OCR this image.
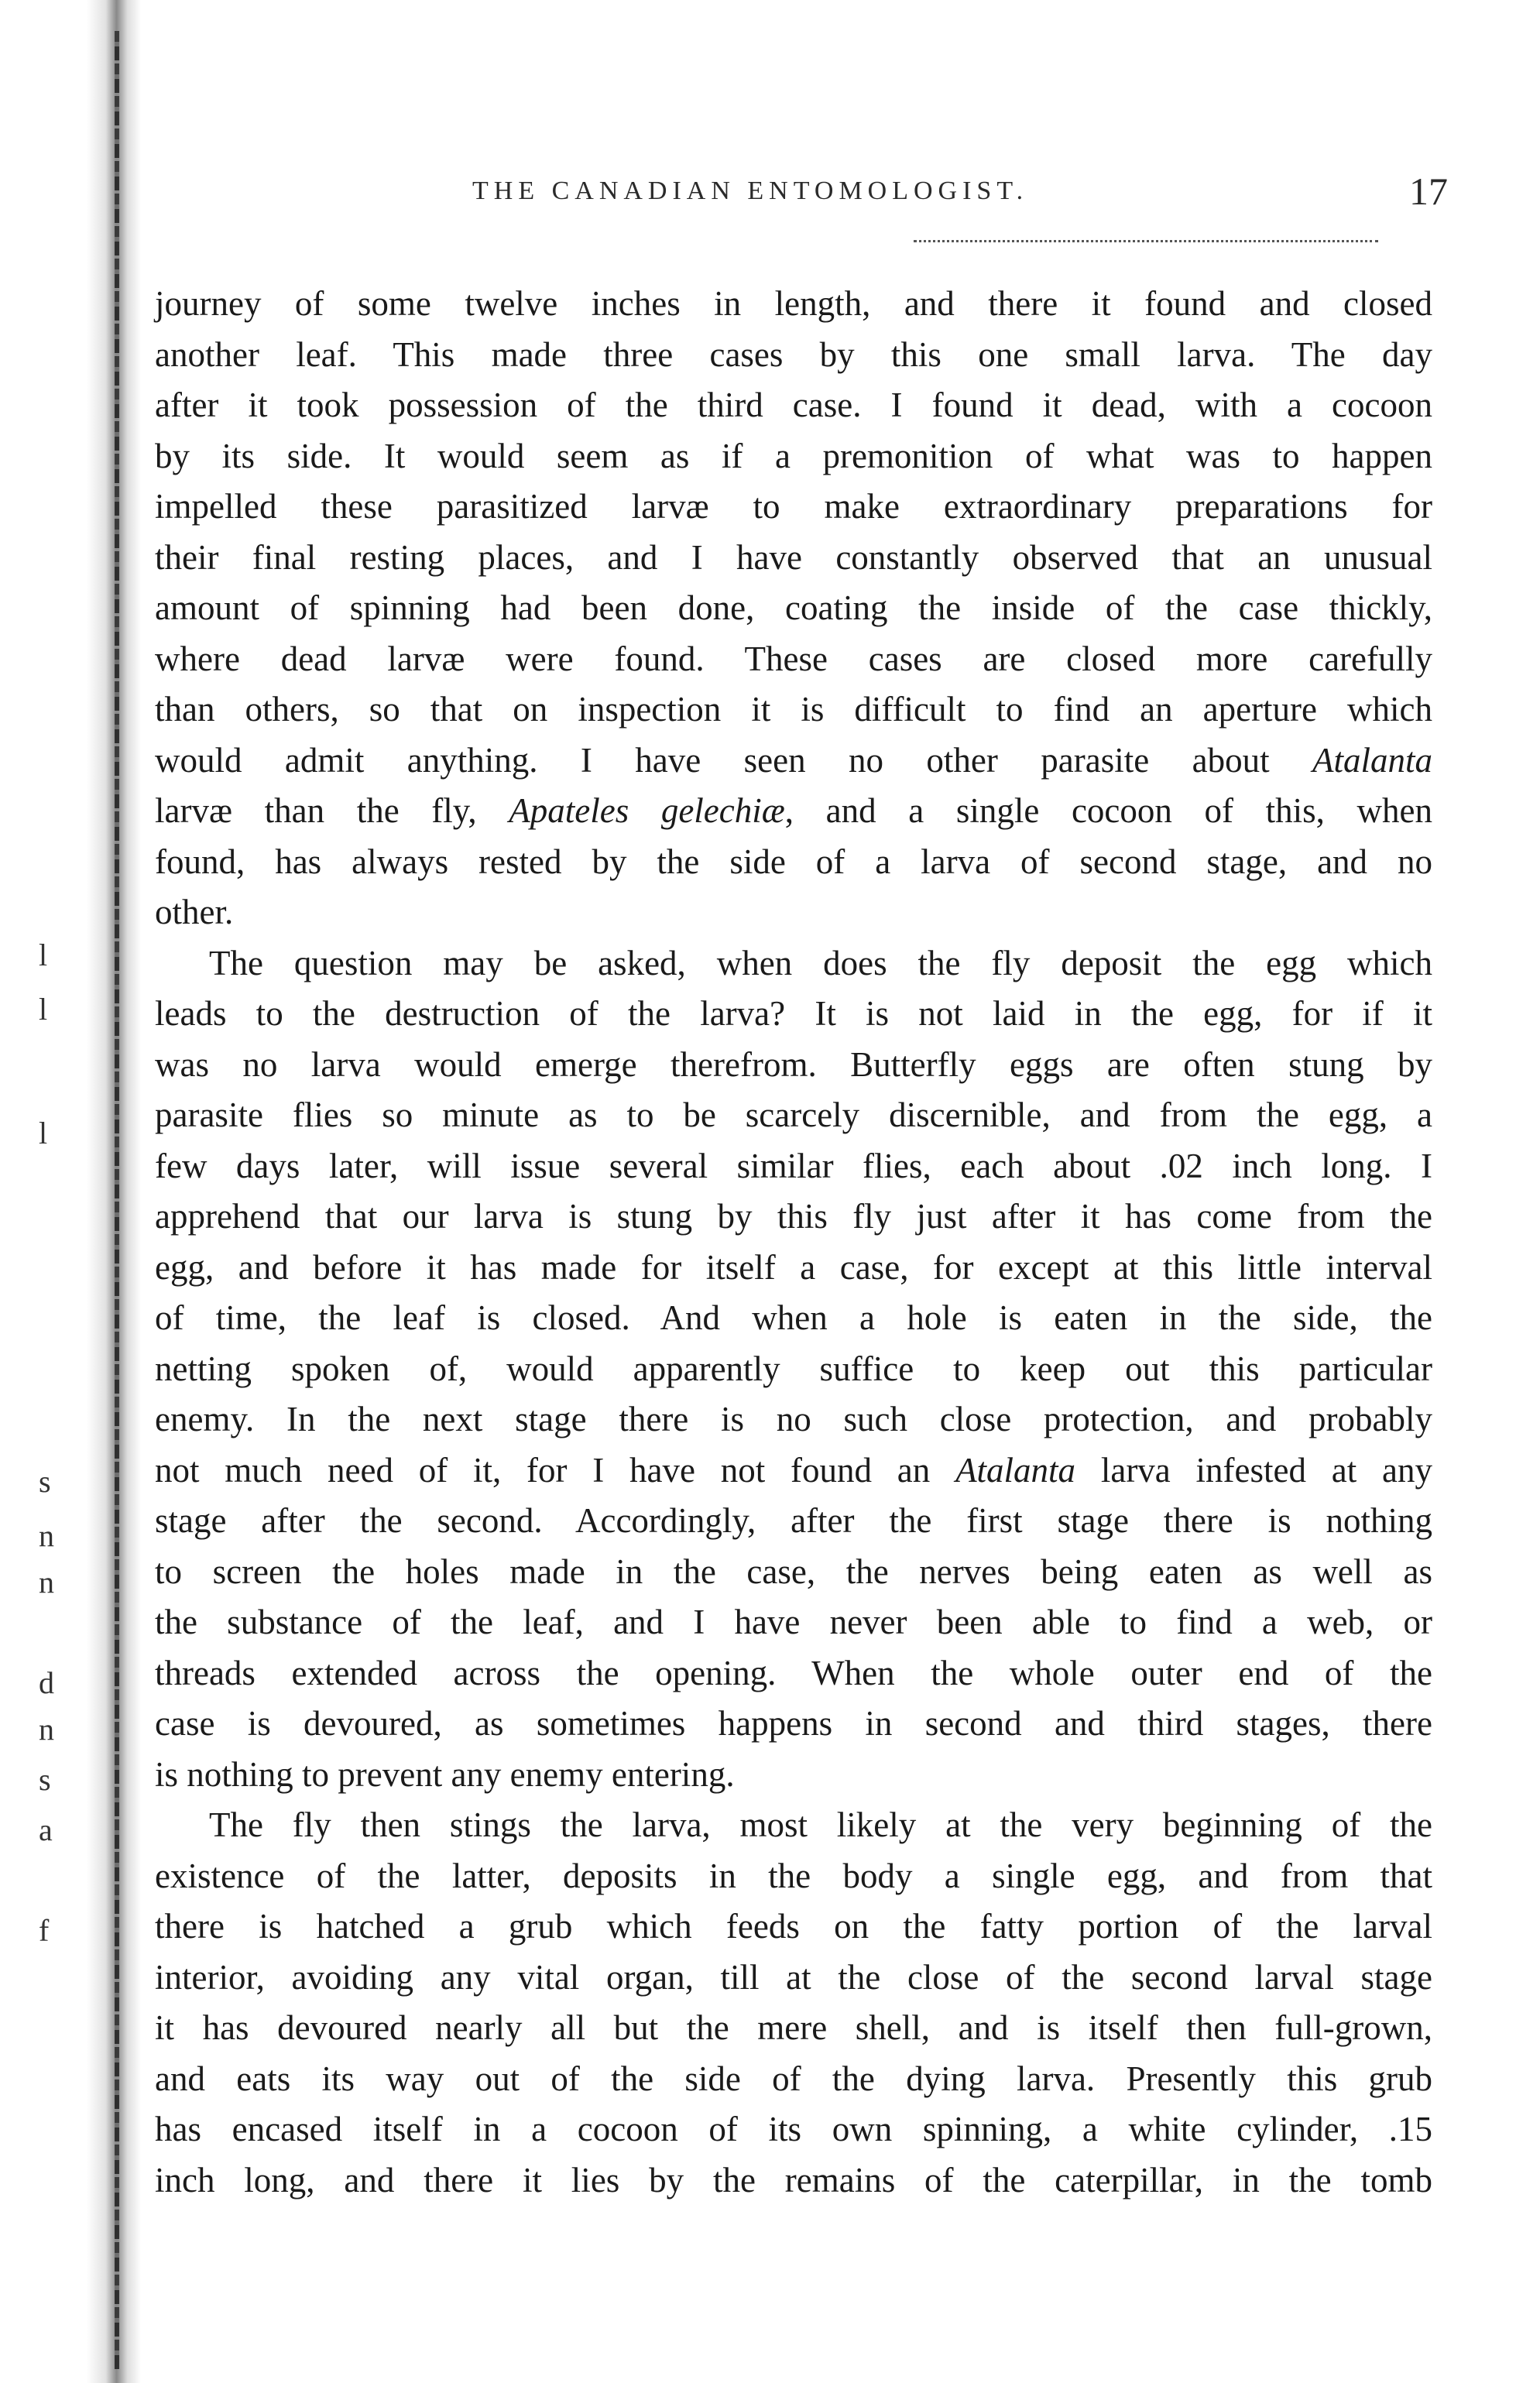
l
l
l
s
n
n
d
n
s
a
f
THE CANADIAN ENTOMOLOGIST.	17
journey of some twelve inches in length, and there it found and closed
another leaf. This made three cases by this one small larva. The day
after it took possession of the third case. I found it dead, with a cocoon
by its side. It would seem as if a premonition of what was to happen
impelled these parasitized larvæ to make extraordinary preparations for
their final resting places, and I have constantly observed that an unusual
amount of spinning had been done, coating the inside of the case thickly,
where dead larvæ were found. These cases are closed more carefully
than others, so that on inspection it is difficult to find an aperture which
would admit anything. I have seen no other parasite about Atalanta
larvæ than the fly, Apateles gelechiæ, and a single cocoon of this, when
found, has always rested by the side of a larva of second stage, and no
other.
The question may be asked, when does the fly deposit the egg which
leads to the destruction of the larva? It is not laid in the egg, for if it
was no larva would emerge therefrom. Butterfly eggs are often stung by
parasite flies so minute as to be scarcely discernible, and from the egg, a
few days later, will issue several similar flies, each about .02 inch long. I
apprehend that our larva is stung by this fly just after it has come from the
egg, and before it has made for itself a case, for except at this little interval
of time, the leaf is closed. And when a hole is eaten in the side, the
netting spoken of, would apparently suffice to keep out this particular
enemy. In the next stage there is no such close protection, and probably
not much need of it, for I have not found an Atalanta larva infested at any
stage after the second. Accordingly, after the first stage there is nothing
to screen the holes made in the case, the nerves being eaten as well as
the substance of the leaf, and I have never been able to find a web, or
threads extended across the opening. When the whole outer end of the
case is devoured, as sometimes happens in second and third stages, there
is nothing to prevent any enemy entering.
The fly then stings the larva, most likely at the very beginning of the
existence of the latter, deposits in the body a single egg, and from that
there is hatched a grub which feeds on the fatty portion of the larval
interior, avoiding any vital organ, till at the close of the second larval stage
it has devoured nearly all but the mere shell, and is itself then full-grown,
and eats its way out of the side of the dying larva. Presently this grub
has encased itself in a cocoon of its own spinning, a white cylinder, .15
inch long, and there it lies by the remains of the caterpillar, in the tomb
